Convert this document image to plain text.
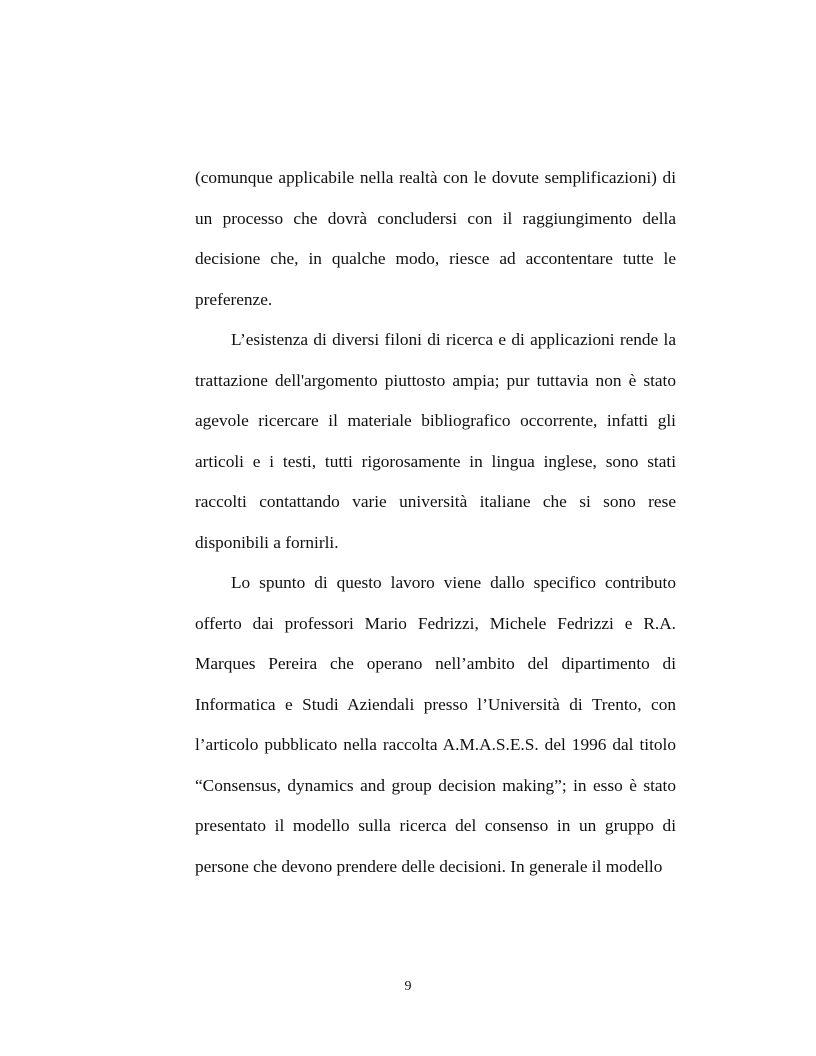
(comunque applicabile nella realtà con le dovute semplificazioni) di un processo che dovrà concludersi con il raggiungimento della decisione che, in qualche modo, riesce ad accontentare tutte le preferenze.

L’esistenza di diversi filoni di ricerca e di applicazioni rende la trattazione dell'argomento piuttosto ampia; pur tuttavia non è stato agevole ricercare il materiale bibliografico occorrente, infatti gli articoli e i testi, tutti rigorosamente in lingua inglese, sono stati raccolti contattando varie università italiane che si sono rese disponibili a fornirli.

Lo spunto di questo lavoro viene dallo specifico contributo offerto dai professori Mario Fedrizzi, Michele Fedrizzi e R.A. Marques Pereira che operano nell’ambito del dipartimento di Informatica e Studi Aziendali presso l’Università di Trento, con l’articolo pubblicato nella raccolta A.M.A.S.E.S. del 1996 dal titolo “Consensus, dynamics and group decision making”; in esso è stato presentato il modello sulla ricerca del consenso in un gruppo di persone che devono prendere delle decisioni. In generale il modello

9
